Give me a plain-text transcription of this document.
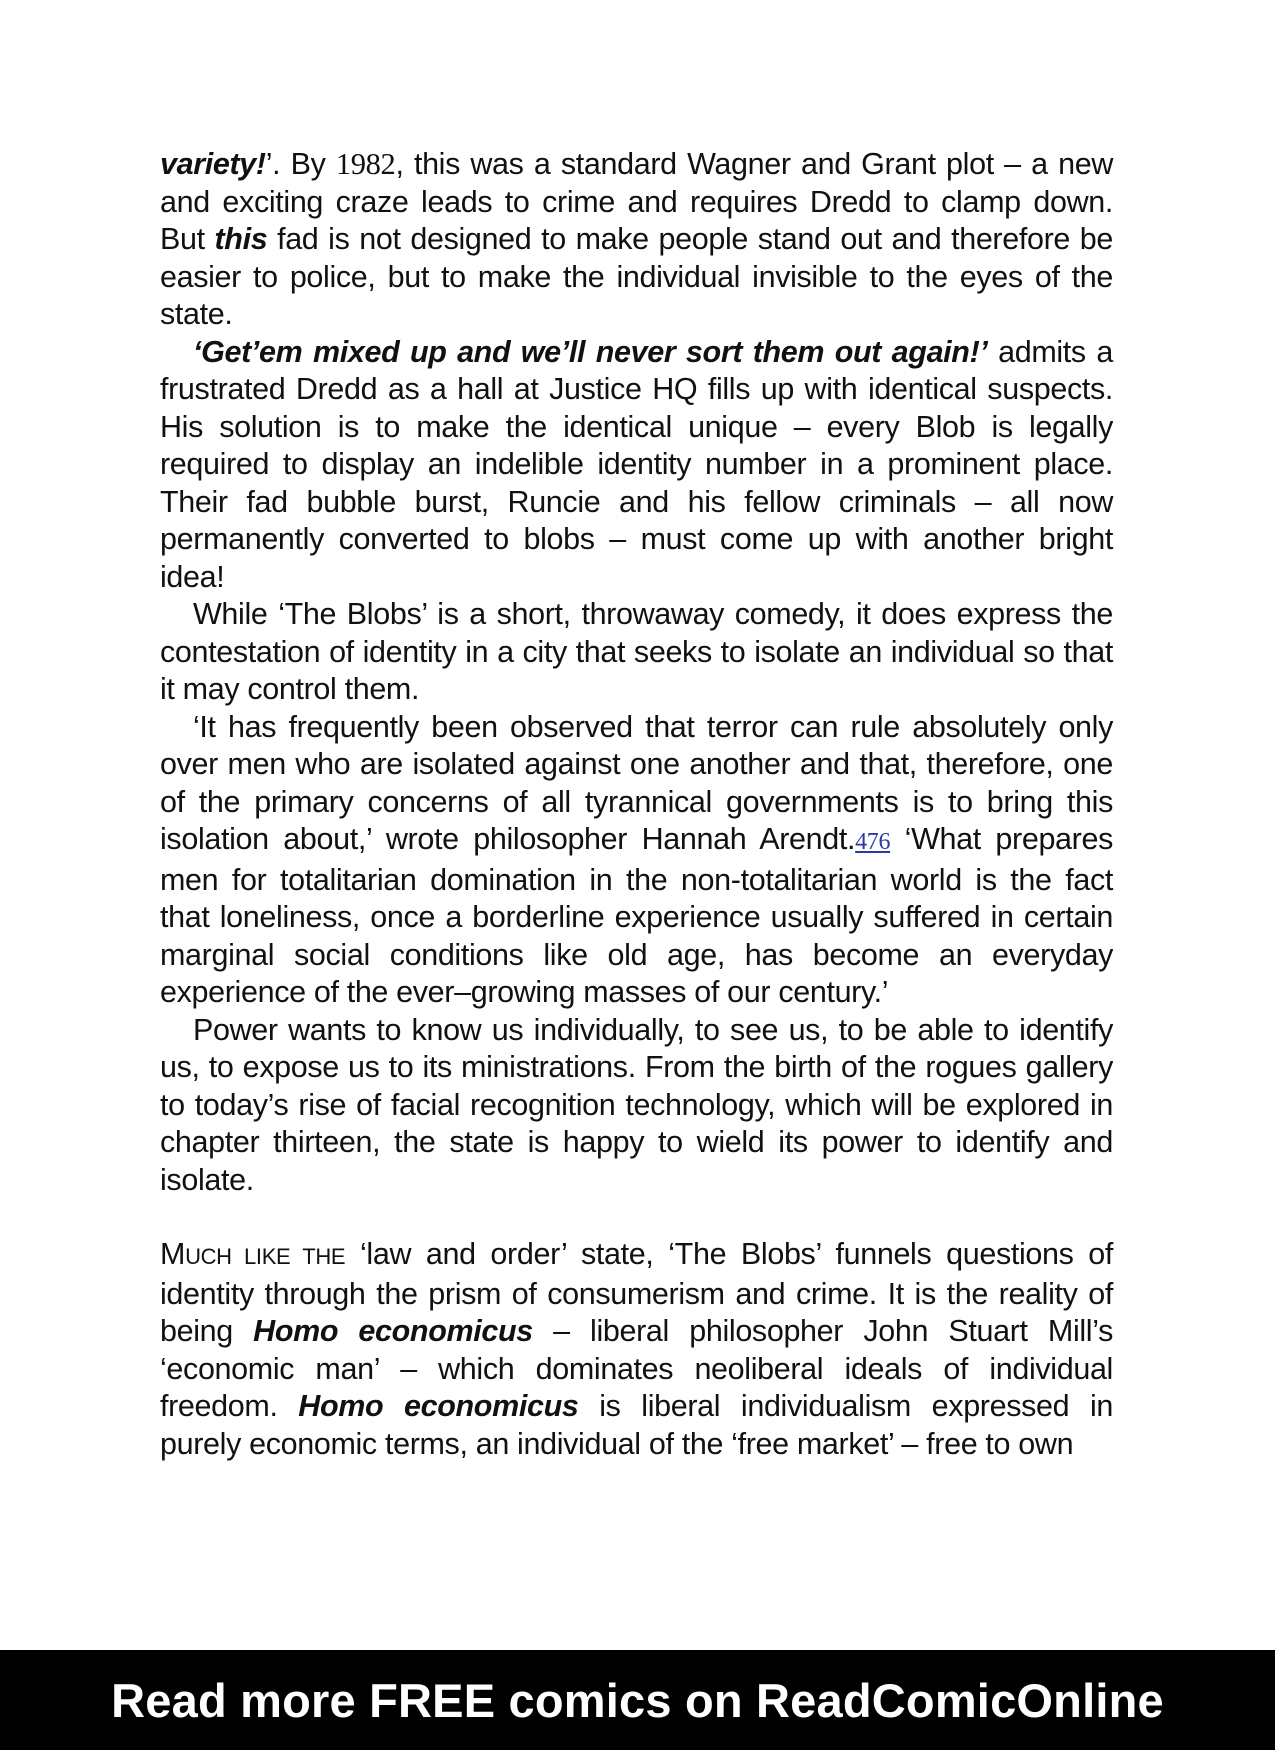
variety!’. By 1982, this was a standard Wagner and Grant plot – a new and exciting craze leads to crime and requires Dredd to clamp down. But this fad is not designed to make people stand out and therefore be easier to police, but to make the individual invisible to the eyes of the state.

‘Get’em mixed up and we’ll never sort them out again!’ admits a frustrated Dredd as a hall at Justice HQ fills up with identical suspects. His solution is to make the identical unique – every Blob is legally required to display an indelible identity number in a prominent place. Their fad bubble burst, Runcie and his fellow criminals – all now permanently converted to blobs – must come up with another bright idea!

While ‘The Blobs’ is a short, throwaway comedy, it does express the contestation of identity in a city that seeks to isolate an individual so that it may control them.

‘It has frequently been observed that terror can rule absolutely only over men who are isolated against one another and that, therefore, one of the primary concerns of all tyrannical governments is to bring this isolation about,’ wrote philosopher Hannah Arendt.476 ‘What prepares men for totalitarian domination in the non-totalitarian world is the fact that loneliness, once a borderline experience usually suffered in certain marginal social conditions like old age, has become an everyday experience of the ever–growing masses of our century.’

Power wants to know us individually, to see us, to be able to identify us, to expose us to its ministrations. From the birth of the rogues gallery to today’s rise of facial recognition technology, which will be explored in chapter thirteen, the state is happy to wield its power to identify and isolate.

MUCH LIKE THE ‘law and order’ state, ‘The Blobs’ funnels questions of identity through the prism of consumerism and crime. It is the reality of being Homo economicus – liberal philosopher John Stuart Mill’s ‘economic man’ – which dominates neoliberal ideals of individual freedom. Homo economicus is liberal individualism expressed in purely economic terms, an individual of the ‘free market’ – free to own

Read more FREE comics on ReadComicOnline
